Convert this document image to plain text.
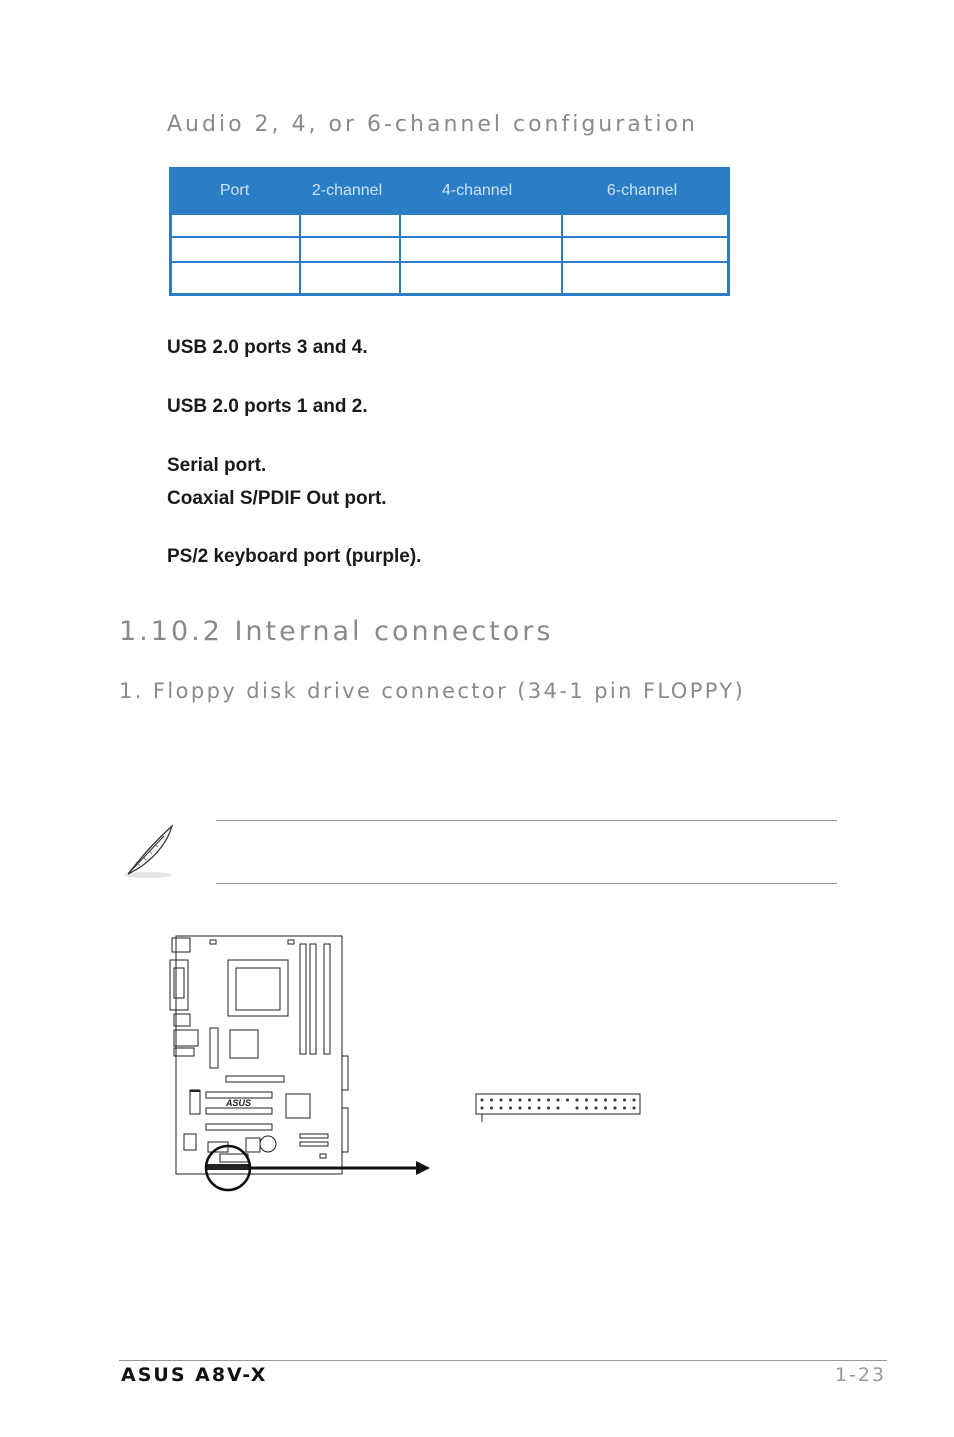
Audio 2, 4, or 6-channel configuration
Port	2-channel	4-channel	6-channel
USB 2.0 ports 3 and 4.
USB 2.0 ports 1 and 2.
Serial port.
Coaxial S/PDIF Out port.
PS/2 keyboard port (purple).
1.10.2 Internal connectors
1. Floppy disk drive connector (34-1 pin FLOPPY)
ASUS
ASUS A8V-X	1-23
